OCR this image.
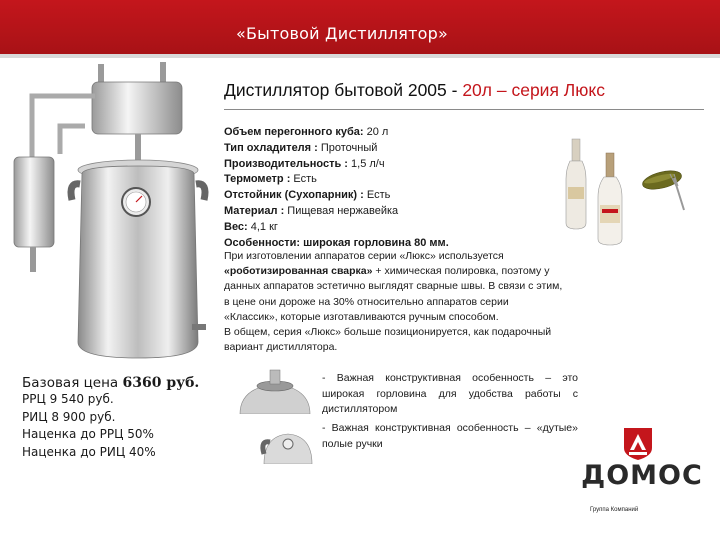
«Бытовой Дистиллятор»
Дистиллятор бытовой 2005 - 20л – серия Люкс
Объем перегонного куба: 20 л
Тип охладителя : Проточный
Производительность : 1,5 л/ч
Термометр : Есть
Отстойник (Сухопарник) : Есть
Материал : Пищевая нержавейка
Вес: 4,1 кг
Особенности: широкая горловина 80 мм.
При изготовлении аппаратов серии «Люкс» используется «роботизированная сварка» + химическая полировка, поэтому у данных аппаратов эстетично выглядят сварные швы. В связи с этим, в цене они дороже на 30% относительно аппаратов серии «Классик», которые изготавливаются ручным способом.
В общем, серия «Люкс» больше позиционируется, как подарочный вариант дистиллятора.
Базовая цена 6360 руб.
РРЦ 9 540 руб.
РИЦ 8 900 руб.
Наценка до РРЦ 50%
Наценка до РИЦ 40%
- Важная конструктивная особенность – это широкая горловина для удобства работы с дистиллятором
- Важная конструктивная особенность – «дутые» полые ручки
ДОМОС
Группа Компаний
